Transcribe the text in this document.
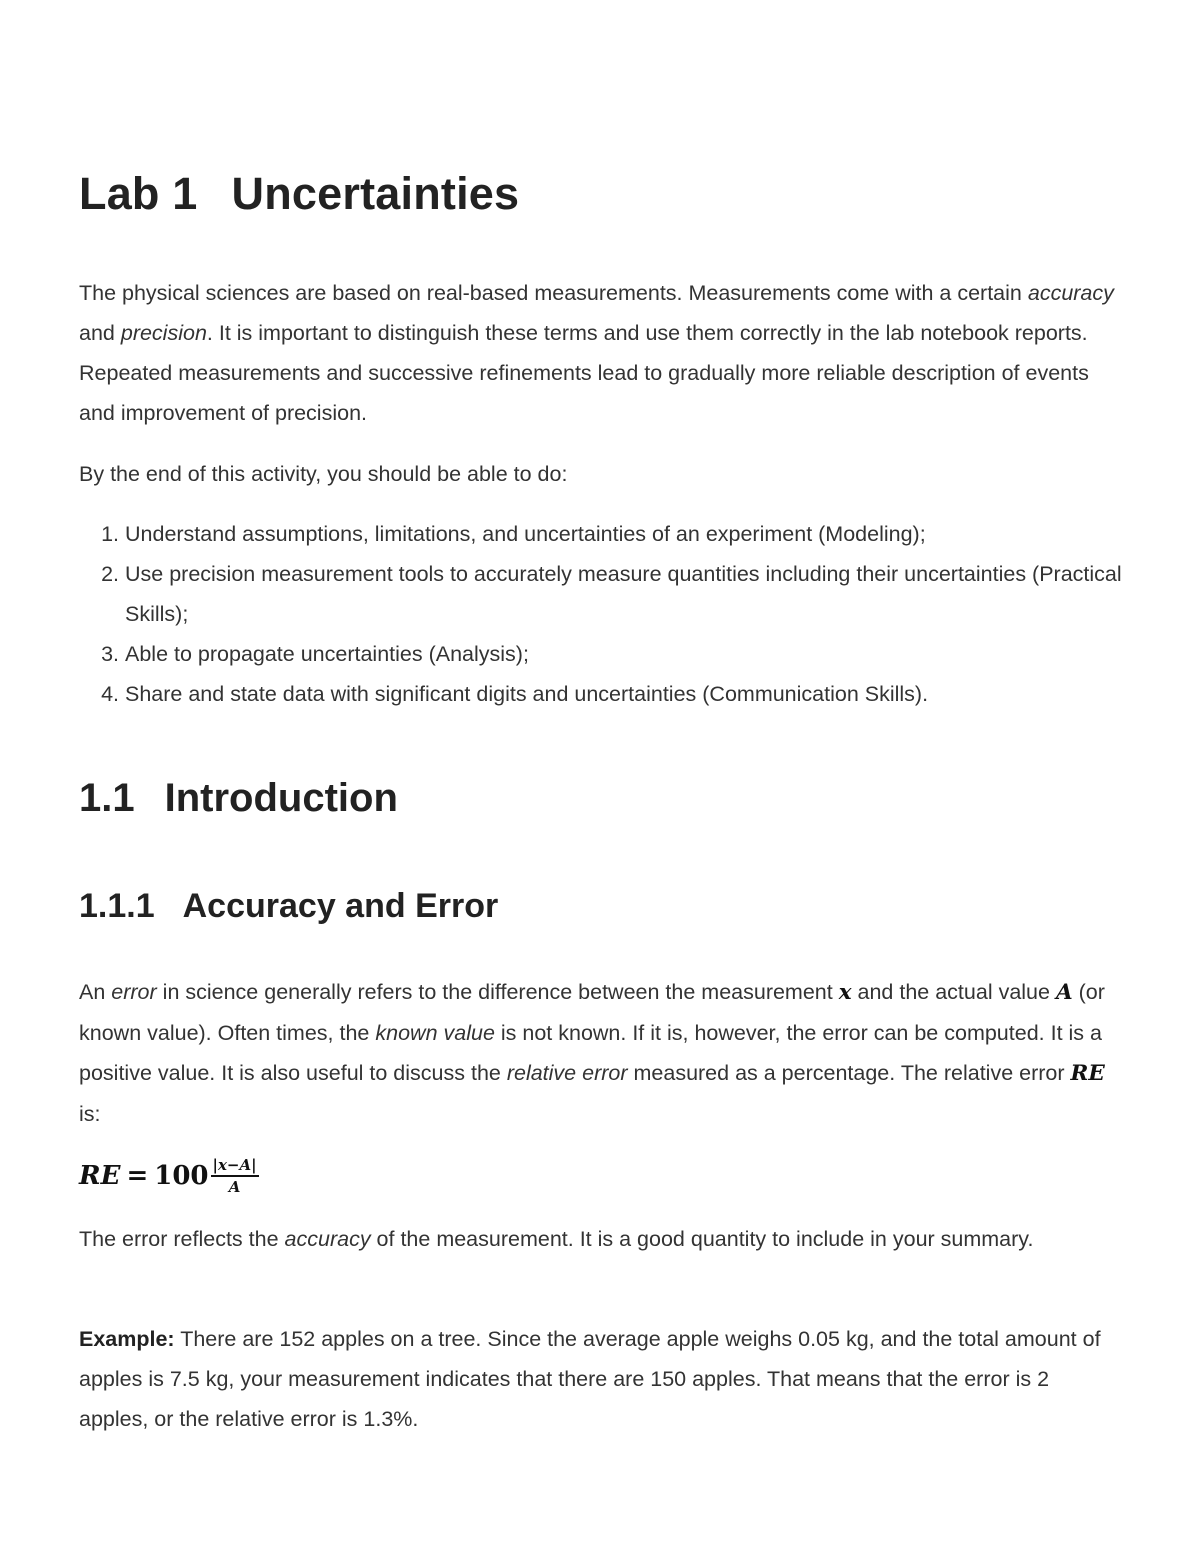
Lab 1 Uncertainties

The physical sciences are based on real-based measurements. Measurements come with a certain accuracy and precision. It is important to distinguish these terms and use them correctly in the lab notebook reports. Repeated measurements and successive refinements lead to gradually more reliable description of events and improvement of precision.

By the end of this activity, you should be able to do:

1. Understand assumptions, limitations, and uncertainties of an experiment (Modeling);
2. Use precision measurement tools to accurately measure quantities including their uncertainties (Practical Skills);
3. Able to propagate uncertainties (Analysis);
4. Share and state data with significant digits and uncertainties (Communication Skills).
1.1 Introduction
1.1.1 Accuracy and Error

An error in science generally refers to the difference between the measurement x and the actual value A (or known value). Often times, the known value is not known. If it is, however, the error can be computed. It is a positive value. It is also useful to discuss the relative error measured as a percentage. The relative error RE is:

RE = $100 \frac{|x-A|}{A}$

The error reflects the accuracy of the measurement. It is a good quantity to include in your summary.

Example: There are 152 apples on a tree. Since the average apple weighs 0.05 kg, and the total amount of apples is 7.5 kg, your measurement indicates that there are 150 apples. That means that the error is 2 apples, or the relative error is 1.3%.
